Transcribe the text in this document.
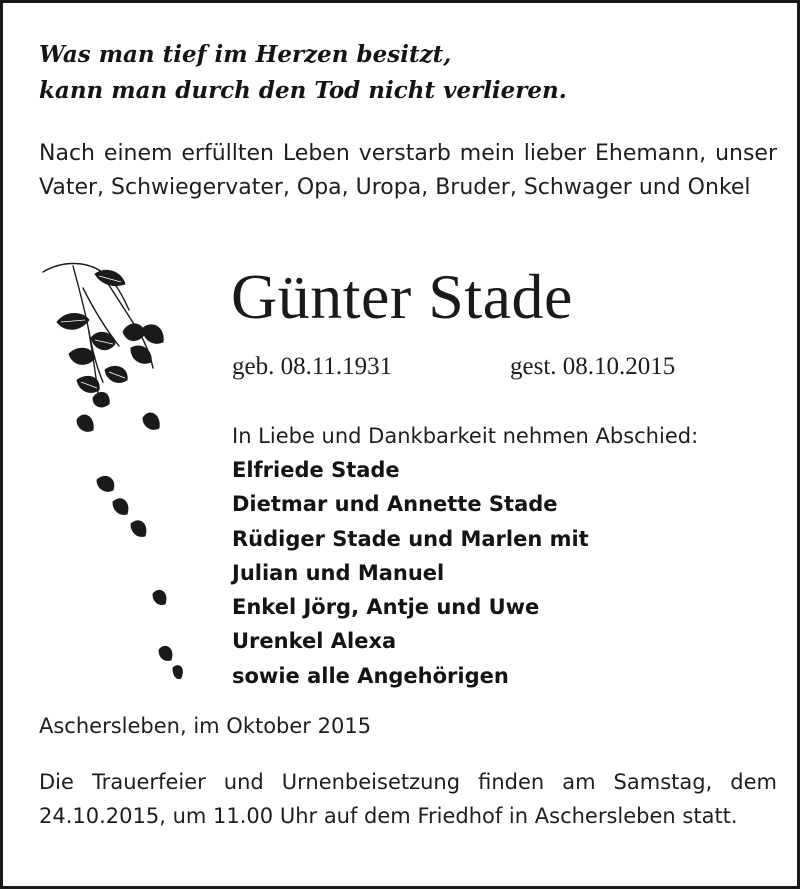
Was man tief im Herzen besitzt,
kann man durch den Tod nicht verlieren.
Nach einem erfüllten Leben verstarb mein lieber Ehemann, unser Vater, Schwiegervater, Opa, Uropa, Bruder, Schwager und Onkel
Günter Stade
geb. 08.11.1931	gest. 08.10.2015
In Liebe und Dankbarkeit nehmen Abschied:
Elfriede Stade
Dietmar und Annette Stade
Rüdiger Stade und Marlen mit
Julian und Manuel
Enkel Jörg, Antje und Uwe
Urenkel Alexa
sowie alle Angehörigen
Aschersleben, im Oktober 2015
Die Trauerfeier und Urnenbeisetzung finden am Samstag, dem 24.10.2015, um 11.00 Uhr auf dem Friedhof in Aschersleben statt.
